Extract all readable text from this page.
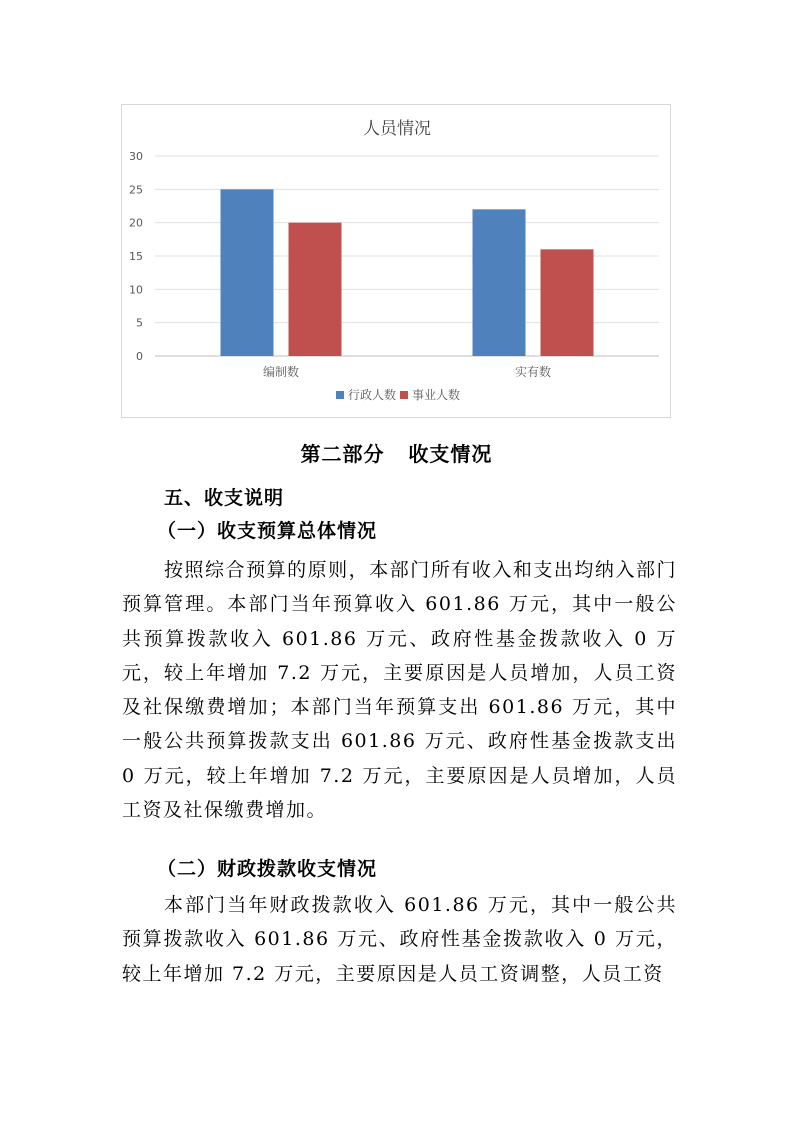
人员情况
0
5
10
15
20
25
30
编制数	实有数
行政人数 事业人数
第二部分   收支情况
五、收支说明
（一）收支预算总体情况

按照综合预算的原则，本部门所有收入和支出均纳入部门预算管理。本部门当年预算收入 601.86 万元，其中一般公共预算拨款收入 601.86 万元、政府性基金拨款收入 0 万元，较上年增加 7.2 万元，主要原因是人员增加，人员工资及社保缴费增加；本部门当年预算支出 601.86 万元，其中一般公共预算拨款支出 601.86 万元、政府性基金拨款支出 0 万元，较上年增加 7.2 万元，主要原因是人员增加，人员工资及社保缴费增加。

（二）财政拨款收支情况

本部门当年财政拨款收入 601.86 万元，其中一般公共预算拨款收入 601.86 万元、政府性基金拨款收入 0 万元，较上年增加 7.2 万元，主要原因是人员工资调整，人员工资
